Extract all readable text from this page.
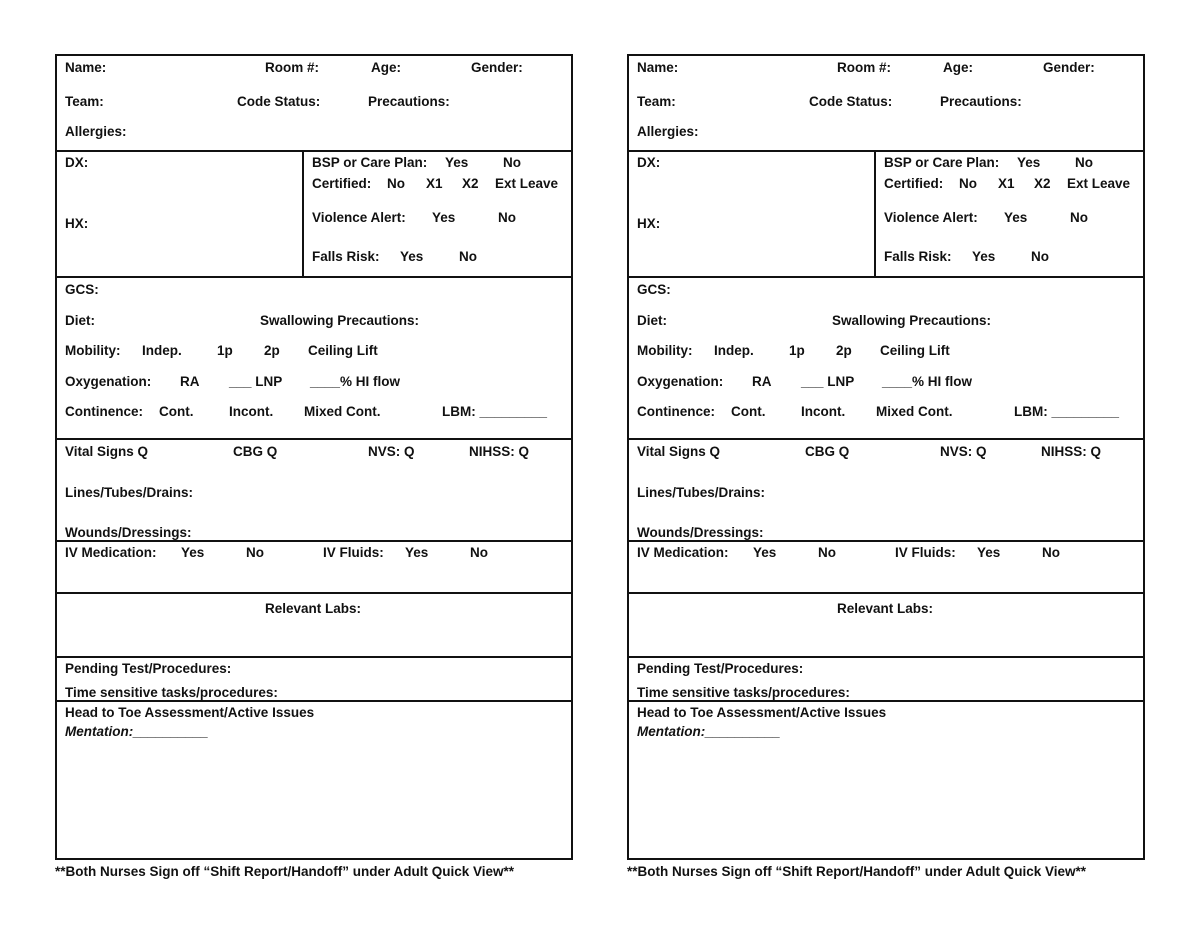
Name:	Room #:	Age:	Gender:
Team:	Code Status:	Precautions:
Allergies:
DX:
HX:
BSP or Care Plan: Yes	No
Certified: No X1 X2 Ext Leave
Violence Alert: Yes	No
Falls Risk: Yes	No
GCS:
Diet:	Swallowing Precautions:
Mobility: Indep.	1p 2p Ceiling Lift
Oxygenation: RA ___ LNP ____% HI flow
Continence: Cont.	Incont. Mixed Cont.	LBM: _________
Vital Signs Q	CBG Q	NVS: Q	NIHSS: Q
Lines/Tubes/Drains:
Wounds/Dressings:
IV Medication: Yes	No	IV Fluids: Yes	No
Relevant Labs:
Pending Test/Procedures:
Time sensitive tasks/procedures:
Head to Toe Assessment/Active Issues
Mentation:__________
**Both Nurses Sign off “Shift Report/Handoff” under Adult Quick View**
Name:	Room #:	Age:	Gender:
Team:	Code Status:	Precautions:
Allergies:
DX:
HX:
BSP or Care Plan: Yes	No
Certified: No X1 X2 Ext Leave
Violence Alert: Yes	No
Falls Risk: Yes	No
GCS:
Diet:	Swallowing Precautions:
Mobility: Indep.	1p 2p Ceiling Lift
Oxygenation: RA ___ LNP ____% HI flow
Continence: Cont.	Incont. Mixed Cont.	LBM: _________
Vital Signs Q	CBG Q	NVS: Q	NIHSS: Q
Lines/Tubes/Drains:
Wounds/Dressings:
IV Medication: Yes	No	IV Fluids: Yes	No
Relevant Labs:
Pending Test/Procedures:
Time sensitive tasks/procedures:
Head to Toe Assessment/Active Issues
Mentation:__________
**Both Nurses Sign off “Shift Report/Handoff” under Adult Quick View**
